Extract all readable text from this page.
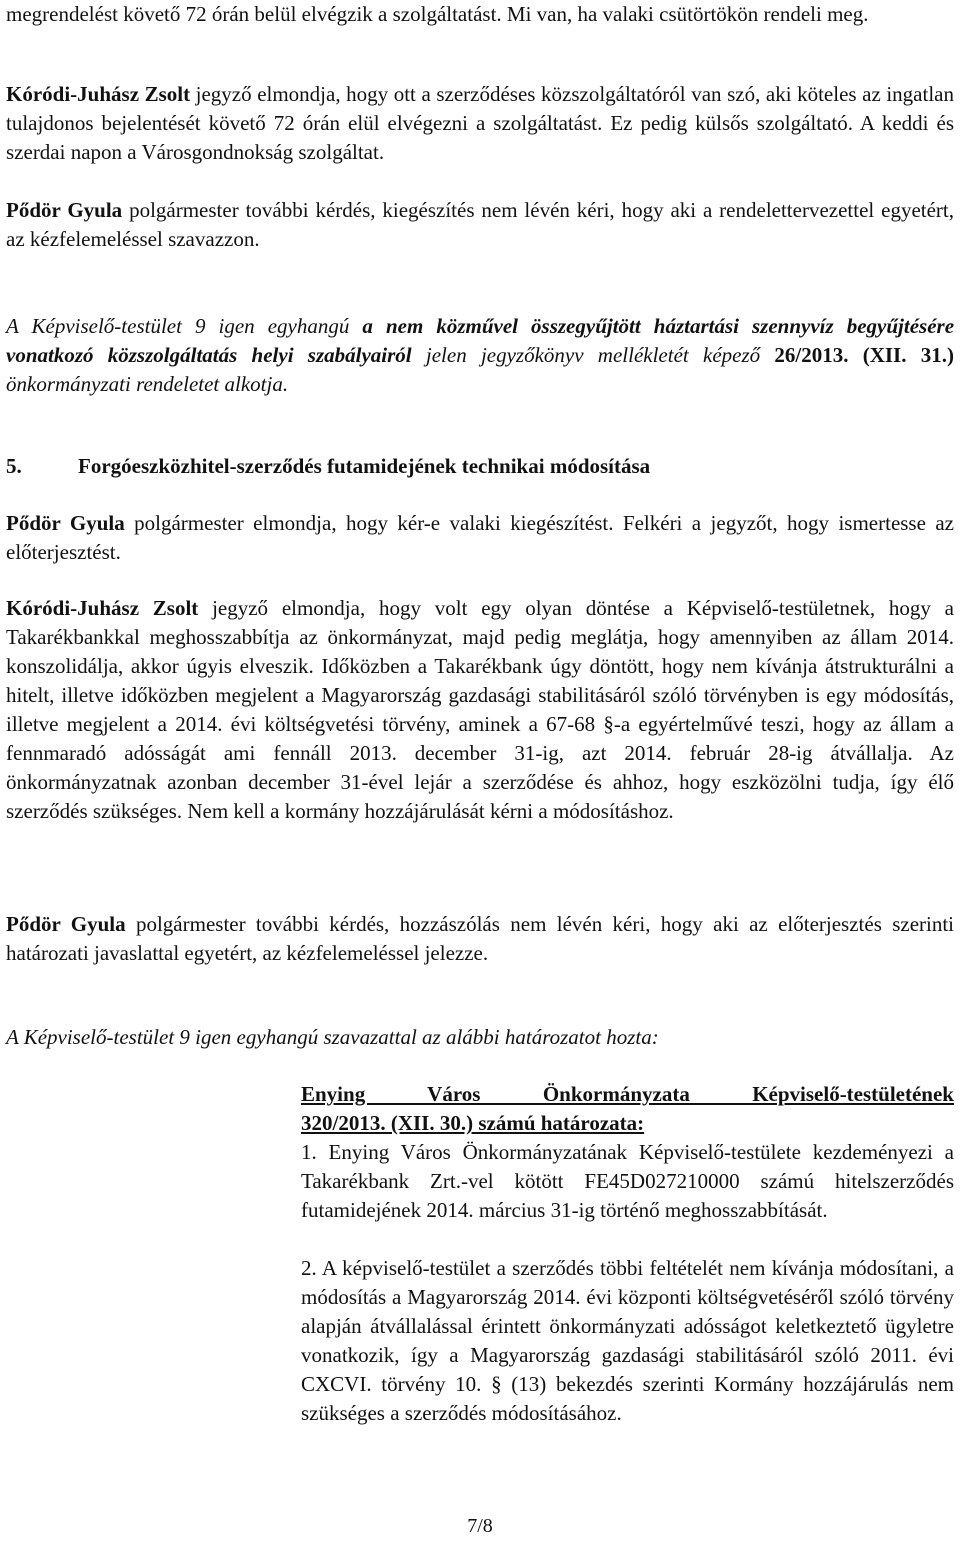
megrendelést követő 72 órán belül elvégzik a szolgáltatást. Mi van, ha valaki csütörtökön rendeli meg.

Kóródi-Juhász Zsolt jegyző elmondja, hogy ott a szerződéses közszolgáltatóról van szó, aki köteles az ingatlan tulajdonos bejelentését követő 72 órán elül elvégezni a szolgáltatást. Ez pedig külsős szolgáltató. A keddi és szerdai napon a Városgondnokság szolgáltat.

Pődör Gyula polgármester további kérdés, kiegészítés nem lévén kéri, hogy aki a rendelettervezettel egyetért, az kézfelemeléssel szavazzon.

A Képviselő-testület 9 igen egyhangú a nem közművel összegyűjtött háztartási szennyvíz begyűjtésére vonatkozó közszolgáltatás helyi szabályairól jelen jegyzőkönyv mellékletét képező 26/2013. (XII. 31.) önkormányzati rendeletet alkotja.

5.	Forgóeszközhitel-szerződés futamidejének technikai módosítása

Pődör Gyula polgármester elmondja, hogy kér-e valaki kiegészítést. Felkéri a jegyzőt, hogy ismertesse az előterjesztést.

Kóródi-Juhász Zsolt jegyző elmondja, hogy volt egy olyan döntése a Képviselő-testületnek, hogy a Takarékbankkal meghosszabbítja az önkormányzat, majd pedig meglátja, hogy amennyiben az állam 2014. konszolidálja, akkor úgyis elveszik. Időközben a Takarékbank úgy döntött, hogy nem kívánja átstrukturálni a hitelt, illetve időközben megjelent a Magyarország gazdasági stabilitásáról szóló törvényben is egy módosítás, illetve megjelent a 2014. évi költségvetési törvény, aminek a 67-68 §-a egyértelművé teszi, hogy az állam a fennmaradó adósságát ami fennáll 2013. december 31-ig, azt 2014. február 28-ig átvállalja. Az önkormányzatnak azonban december 31-ével lejár a szerződése és ahhoz, hogy eszközölni tudja, így élő szerződés szükséges. Nem kell a kormány hozzájárulását kérni a módosításhoz.

Pődör Gyula polgármester további kérdés, hozzászólás nem lévén kéri, hogy aki az előterjesztés szerinti határozati javaslattal egyetért, az kézfelemeléssel jelezze.

A Képviselő-testület 9 igen egyhangú szavazattal az alábbi határozatot hozta:

Enying Város Önkormányzata Képviselő-testületének
320/2013. (XII. 30.) számú határozata:
1. Enying Város Önkormányzatának Képviselő-testülete kezdeményezi a Takarékbank Zrt.-vel kötött FE45D027210000 számú hitelszerződés futamidejének 2014. március 31-ig történő meghosszabbítását.
2. A képviselő-testület a szerződés többi feltételét nem kívánja módosítani, a módosítás a Magyarország 2014. évi központi költségvetéséről szóló törvény alapján átvállalással érintett önkormányzati adósságot keletkeztető ügyletre vonatkozik, így a Magyarország gazdasági stabilitásáról szóló 2011. évi CXCVI. törvény 10. § (13) bekezdés szerinti Kormány hozzájárulás nem szükséges a szerződés módosításához.
7/8
